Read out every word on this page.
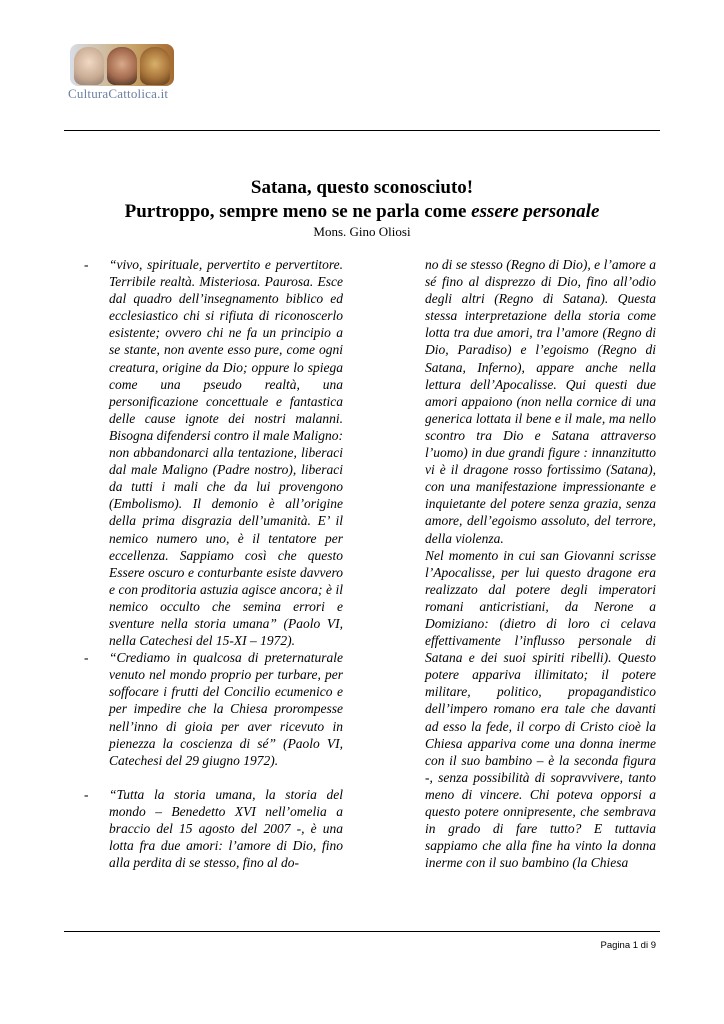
CulturaCattolica.it
Satana, questo sconosciuto!
Purtroppo, sempre meno se ne parla come essere personale
Mons. Gino Oliosi
- “vivo, spirituale, pervertito e pervertitore. Terribile realtà. Misteriosa. Paurosa. Esce dal quadro dell’insegnamento biblico ed ecclesiastico chi si rifiuta di riconoscerlo esistente; ovvero chi ne fa un principio a se stante, non avente esso pure, come ogni creatura, origine da Dio; oppure lo spiega come una pseudo realtà, una personificazione concettuale e fantastica delle cause ignote dei nostri malanni. Bisogna difendersi contro il male Maligno: non abbandonarci alla tentazione, liberaci dal male Maligno (Padre nostro), liberaci da tutti i mali che da lui provengono (Embolismo). Il demonio è all’origine della prima disgrazia dell’umanità. E’ il nemico numero uno, è il tentatore per eccellenza. Sappiamo così che questo Essere oscuro e conturbante esiste davvero e con proditoria astuzia agisce ancora; è il nemico occulto che semina errori e sventure nella storia umana” (Paolo VI, nella Catechesi del 15-XI – 1972).
- “Crediamo in qualcosa di preternaturale venuto nel mondo proprio per turbare, per soffocare i frutti del Concilio ecumenico e per impedire che la Chiesa prorompesse nell’inno di gioia per aver ricevuto in pienezza la coscienza di sé” (Paolo VI, Catechesi del 29 giugno 1972).
- “Tutta la storia umana, la storia del mondo – Benedetto XVI nell’omelia a braccio del 15 agosto del 2007 -, è una lotta fra due amori: l’amore di Dio, fino alla perdita di se stesso, fino al do-

no di se stesso (Regno di Dio), e l’amore a sé fino al disprezzo di Dio, fino all’odio degli altri (Regno di Satana). Questa stessa interpretazione della storia come lotta tra due amori, tra l’amore (Regno di Dio, Paradiso) e l’egoismo (Regno di Satana, Inferno), appare anche nella lettura dell’Apocalisse. Qui questi due amori appaiono (non nella cornice di una generica lottata il bene e il male, ma nello scontro tra Dio e Satana attraverso l’uomo) in due grandi figure : innanzitutto vi è il dragone rosso fortissimo (Satana), con una manifestazione impressionante e inquietante del potere senza grazia, senza amore, dell’egoismo assoluto, del terrore, della violenza.

Nel momento in cui san Giovanni scrisse l’Apocalisse, per lui questo dragone era realizzato dal potere degli imperatori romani anticristiani, da Nerone a Domiziano: (dietro di loro ci celava effettivamente l’influsso personale di Satana e dei suoi spiriti ribelli). Questo potere appariva illimitato; il potere militare, politico, propagandistico dell’impero romano era tale che davanti ad esso la fede, il corpo di Cristo cioè la Chiesa appariva come una donna inerme con il suo bambino – è la seconda figura -, senza possibilità di sopravvivere, tanto meno di vincere. Chi poteva opporsi a questo potere onnipresente, che sembrava in grado di fare tutto? E tuttavia sappiamo che alla fine ha vinto la donna inerme con il suo bambino (la Chiesa

Pagina 1 di 9
